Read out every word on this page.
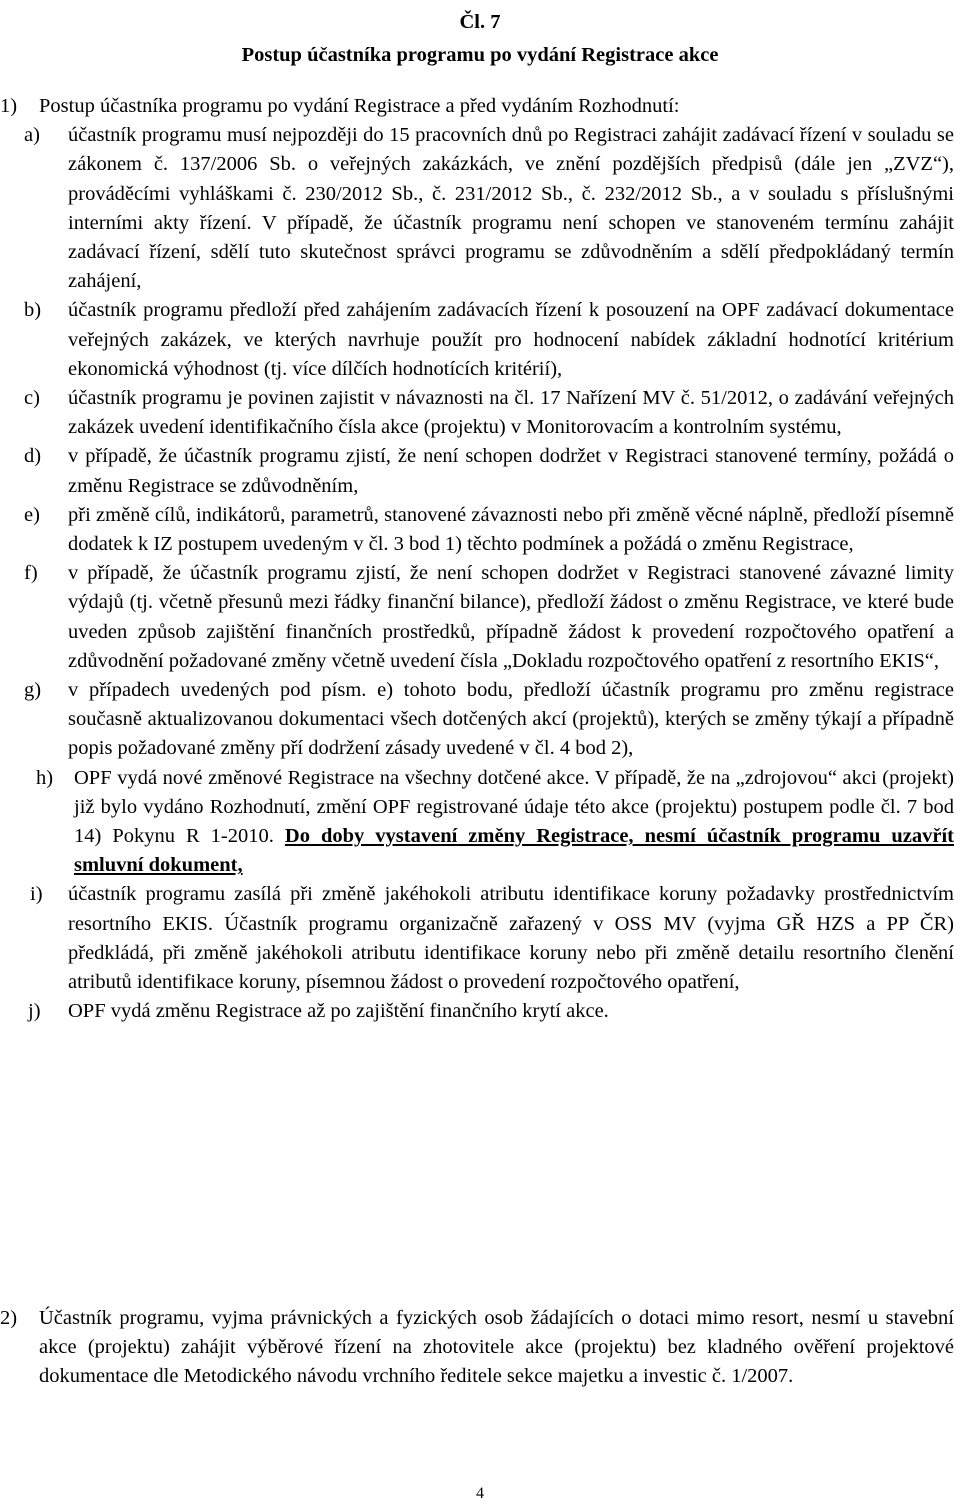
Čl. 7
Postup účastníka programu po vydání Registrace akce
1) Postup účastníka programu po vydání Registrace a před vydáním Rozhodnutí:
a) účastník programu musí nejpozději do 15 pracovních dnů po Registraci zahájit zadávací řízení v souladu se zákonem č. 137/2006 Sb. o veřejných zakázkách, ve znění pozdějších předpisů (dále jen „ZVZ“), prováděcími vyhláškami č. 230/2012 Sb., č. 231/2012 Sb., č. 232/2012 Sb., a v souladu s příslušnými interními akty řízení. V případě, že účastník programu není schopen ve stanoveném termínu zahájit zadávací řízení, sdělí tuto skutečnost správci programu se zdůvodněním a sdělí předpokládaný termín zahájení,
b) účastník programu předloží před zahájením zadávacích řízení k posouzení na OPF zadávací dokumentace veřejných zakázek, ve kterých navrhuje použít pro hodnocení nabídek základní hodnotící kritérium ekonomická výhodnost (tj. více dílčích hodnotících kritérií),
c) účastník programu je povinen zajistit v návaznosti na čl. 17 Nařízení MV č. 51/2012, o zadávání veřejných zakázek uvedení identifikačního čísla akce (projektu) v Monitorovacím a kontrolním systému,
d) v případě, že účastník programu zjistí, že není schopen dodržet v Registraci stanovené termíny, požádá o změnu Registrace se zdůvodněním,
e) při změně cílů, indikátorů, parametrů, stanovené závaznosti nebo při změně věcné náplně, předloží písemně dodatek k IZ postupem uvedeným v čl. 3 bod 1) těchto podmínek a požádá o změnu Registrace,
f) v případě, že účastník programu zjistí, že není schopen dodržet v Registraci stanovené závazné limity výdajů (tj. včetně přesunů mezi řádky finanční bilance), předloží žádost o změnu Registrace, ve které bude uveden způsob zajištění finančních prostředků, případně žádost k provedení rozpočtového opatření a zdůvodnění požadované změny včetně uvedení čísla „Dokladu rozpočtového opatření z resortního EKIS“,
g) v případech uvedených pod písm. e) tohoto bodu, předloží účastník programu pro změnu registrace současně aktualizovanou dokumentaci všech dotčených akcí (projektů), kterých se změny týkají a případně popis požadované změny pří dodržení zásady uvedené v čl. 4 bod 2),
h) OPF vydá nové změnové Registrace na všechny dotčené akce. V případě, že na „zdrojovou“ akci (projekt) již bylo vydáno Rozhodnutí, změní OPF registrované údaje této akce (projektu) postupem podle čl. 7 bod 14) Pokynu R 1-2010. Do doby vystavení změny Registrace, nesmí účastník programu uzavřít smluvní dokument,
i) účastník programu zasílá při změně jakéhokoli atributu identifikace koruny požadavky prostřednictvím resortního EKIS. Účastník programu organizačně zařazený v OSS MV (vyjma GŘ HZS a PP ČR) předkládá, při změně jakéhokoli atributu identifikace koruny nebo při změně detailu resortního členění atributů identifikace koruny, písemnou žádost o provedení rozpočtového opatření,
j) OPF vydá změnu Registrace až po zajištění finančního krytí akce.
2) Účastník programu, vyjma právnických a fyzických osob žádajících o dotaci mimo resort, nesmí u stavební akce (projektu) zahájit výběrové řízení na zhotovitele akce (projektu) bez kladného ověření projektové dokumentace dle Metodického návodu vrchního ředitele sekce majetku a investic č. 1/2007.
4
